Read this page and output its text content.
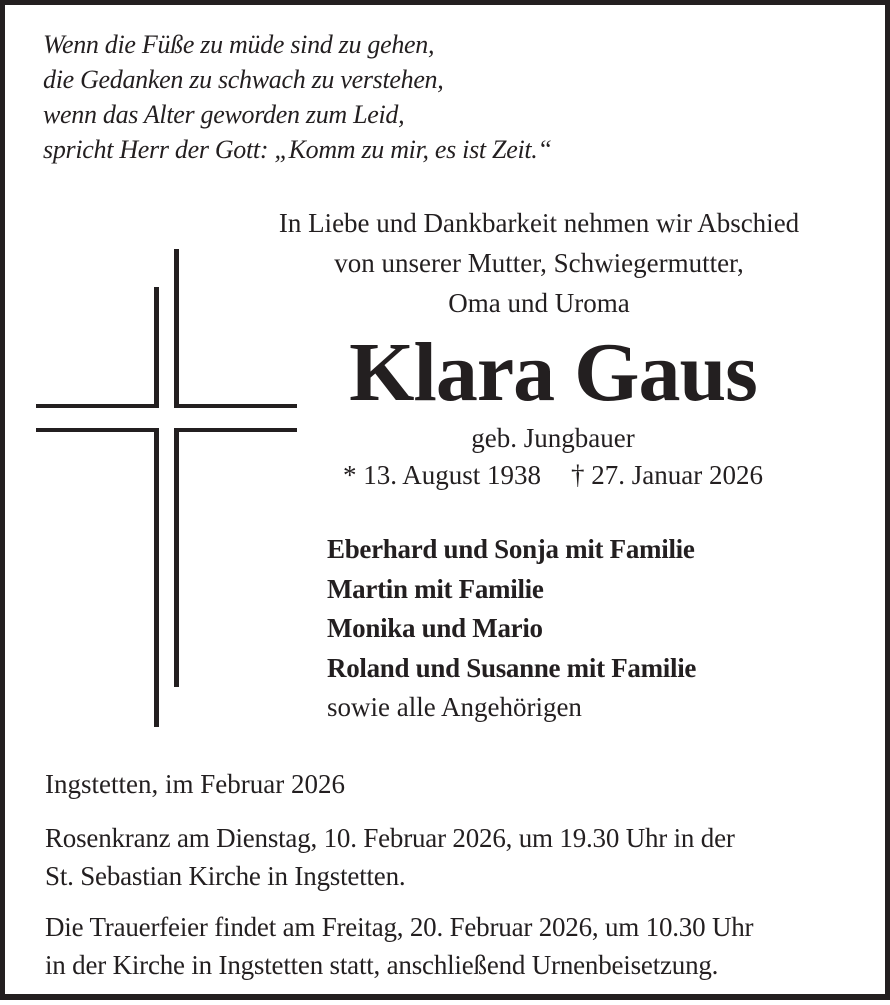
Wenn die Füße zu müde sind zu gehen,
die Gedanken zu schwach zu verstehen,
wenn das Alter geworden zum Leid,
spricht Herr der Gott: „Komm zu mir, es ist Zeit.“
In Liebe und Dankbarkeit nehmen wir Abschied
von unserer Mutter, Schwiegermutter,
Oma und Uroma
Klara Gaus
geb. Jungbauer
* 13. August 1938 † 27. Januar 2026
Eberhard und Sonja mit Familie
Martin mit Familie
Monika und Mario
Roland und Susanne mit Familie
sowie alle Angehörigen
Ingstetten, im Februar 2026
Rosenkranz am Dienstag, 10. Februar 2026, um 19.30 Uhr in der
St. Sebastian Kirche in Ingstetten.
Die Trauerfeier findet am Freitag, 20. Februar 2026, um 10.30 Uhr
in der Kirche in Ingstetten statt, anschließend Urnenbeisetzung.
